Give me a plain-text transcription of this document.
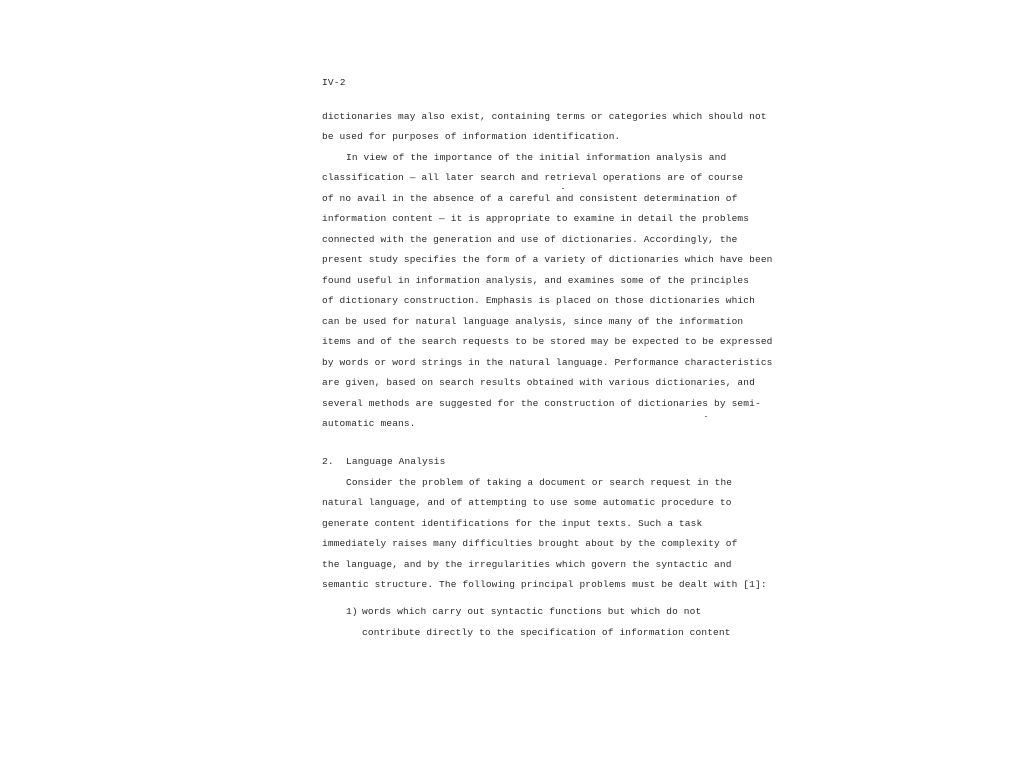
IV-2
dictionaries may also exist, containing terms or categories which should not
be used for purposes of information identification.
In view of the importance of the initial information analysis and
classification — all later search and retrieval operations are of course
of no avail in the absence of a careful and consistent determination of
information content — it is appropriate to examine in detail the problems
connected with the generation and use of dictionaries. Accordingly, the
present study specifies the form of a variety of dictionaries which have been
found useful in information analysis, and examines some of the principles
of dictionary construction. Emphasis is placed on those dictionaries which
can be used for natural language analysis, since many of the information
items and of the search requests to be stored may be expected to be expressed
by words or word strings in the natural language. Performance characteristics
are given, based on search results obtained with various dictionaries, and
several methods are suggested for the construction of dictionaries by semi-
automatic means.
2. Language Analysis
Consider the problem of taking a document or search request in the
natural language, and of attempting to use some automatic procedure to
generate content identifications for the input texts. Such a task
immediately raises many difficulties brought about by the complexity of
the language, and by the irregularities which govern the syntactic and
semantic structure. The following principal problems must be dealt with [1]:
1) words which carry out syntactic functions but which do not
contribute directly to the specification of information content
